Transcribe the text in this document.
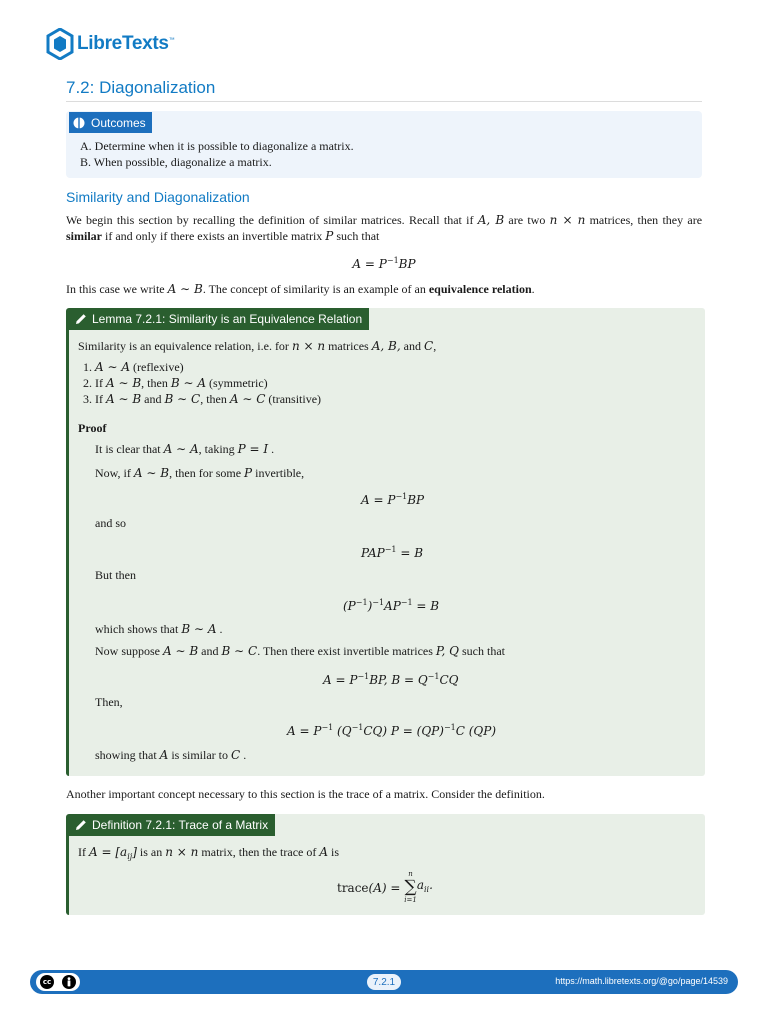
LibreTexts™
7.2: Diagonalization
Outcomes
A. Determine when it is possible to diagonalize a matrix.
B. When possible, diagonalize a matrix.
Similarity and Diagonalization
We begin this section by recalling the definition of similar matrices. Recall that if A, B are two n × n matrices, then they are similar if and only if there exists an invertible matrix P such that
$A = P^{-1}BP$
In this case we write A ∼ B. The concept of similarity is an example of an equivalence relation.
Lemma 7.2.1: Similarity is an Equivalence Relation
Similarity is an equivalence relation, i.e. for n × n matrices A, B, and C,
1. A ∼ A (reflexive)
2. If A ∼ B, then B ∼ A (symmetric)
3. If A ∼ B and B ∼ C, then A ∼ C (transitive)
Proof
It is clear that A ∼ A, taking P = I .
Now, if A ∼ B, then for some P invertible,
$A = P^{-1}BP$
and so
$PAP^{-1} = B$
But then
$(P^{-1})^{-1}AP^{-1} = B$
which shows that B ∼ A .
Now suppose A ∼ B and B ∼ C. Then there exist invertible matrices P, Q such that
$A = P^{-1}BP$, $B = Q^{-1}CQ$
Then,
$A = P^{-1}$ $(Q^{-1}CQ) P = (QP)^{-1}C$ (QP)
showing that A is similar to C .
Another important concept necessary to this section is the trace of a matrix. Consider the definition.
Definition 7.2.1: Trace of a Matrix
If $A = [a_{ij}]$ is an n × n matrix, then the trace of A is
trace (A) =
n
∑
i=1
$a_{ii}$.
cc	7.2.1	https://math.libretexts.org/@go/page/14539
